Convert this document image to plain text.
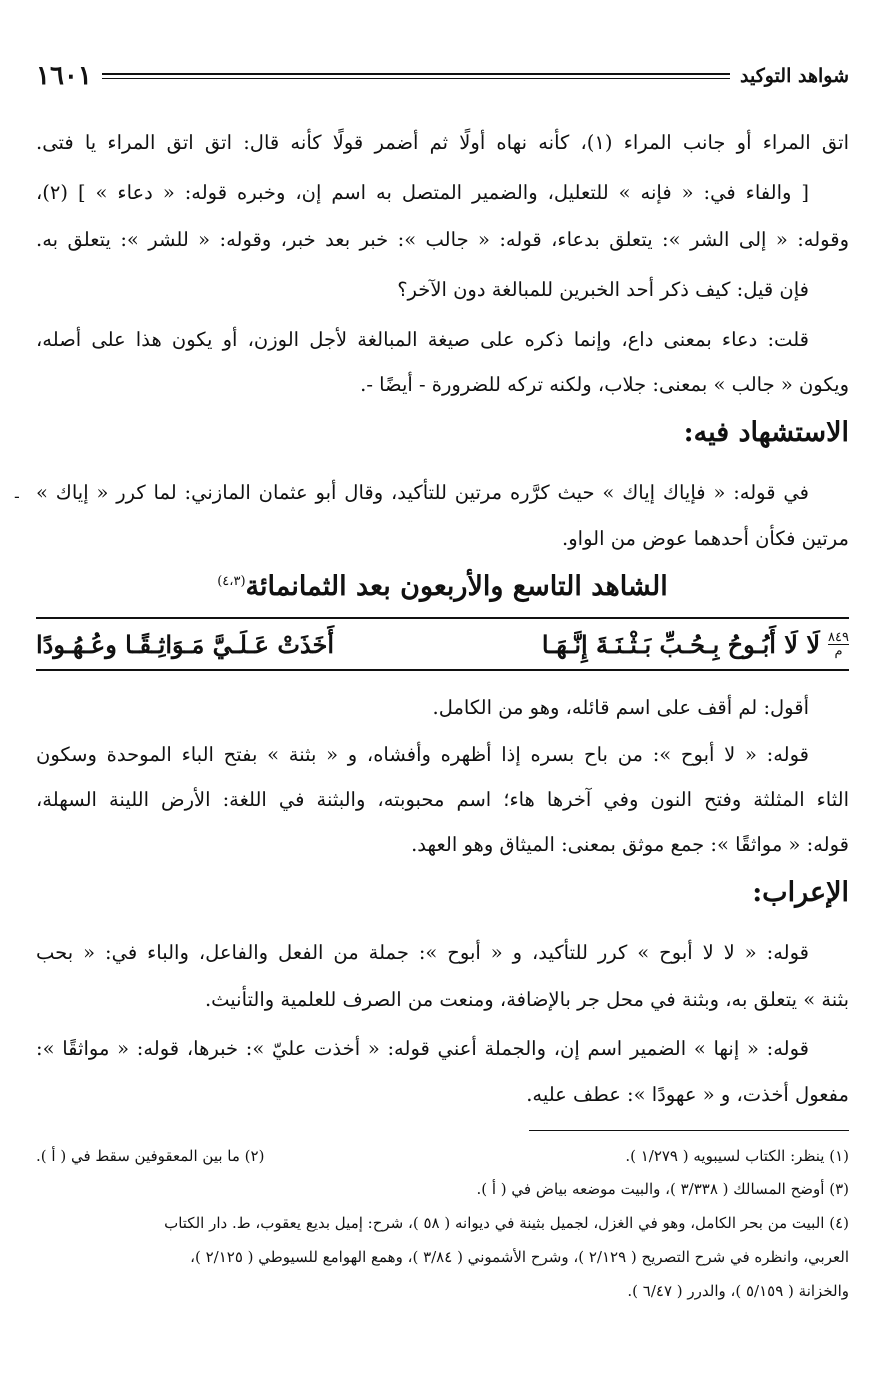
شواهد التوكيد
١٦٠١
اتق المراء أو جانب المراء (١)، كأنه نهاه أولًا ثم أضمر قولًا كأنه قال: اتق اتق المراء يا فتى.
[ والفاء في: « فإنه » للتعليل، والضمير المتصل به اسم إن، وخبره قوله: « دعاء » ] (٢)،
وقوله: « إلى الشر »: يتعلق بدعاء، قوله: « جالب »: خبر بعد خبر، وقوله: « للشر »: يتعلق به.
فإن قيل: كيف ذكر أحد الخبرين للمبالغة دون الآخر؟
قلت: دعاء بمعنى داع، وإنما ذكره على صيغة المبالغة لأجل الوزن، أو يكون هذا على أصله،
ويكون « جالب » بمعنى: جلاب، ولكنه تركه للضرورة - أيضًا -.
الاستشهاد فيه:
في قوله: « فإياك إياك » حيث كرَّره مرتين للتأكيد، وقال أبو عثمان المازني: لما كرر « إياك »
مرتين فكأن أحدهما عوض من الواو.
-
الشاهد التاسع والأربعون بعد الثمانمائة$^{(٤،٣)}$
٨٤٩
م
لَا لَا أَبُـوحُ بِـحُـبِّ بَـثْـنَـةَ إِنَّـهَـا
أَخَذَتْ عَـلَـيَّ مَـوَاثِـقًـا وعُـهُـودًا
أقول: لم أقف على اسم قائله، وهو من الكامل.
قوله: « لا أبوح »: من باح بسره إذا أظهره وأفشاه، و « بثنة » بفتح الباء الموحدة وسكون
الثاء المثلثة وفتح النون وفي آخرها هاء؛ اسم محبوبته، والبثنة في اللغة: الأرض اللينة السهلة،
قوله: « مواثقًا »: جمع موثق بمعنى: الميثاق وهو العهد.
الإعراب:
قوله: « لا لا أبوح » كرر للتأكيد، و « أبوح »: جملة من الفعل والفاعل، والباء في: « بحب
بثنة » يتعلق به، وبثنة في محل جر بالإضافة، ومنعت من الصرف للعلمية والتأنيث.
قوله: « إنها » الضمير اسم إن، والجملة أعني قوله: « أخذت عليّ »: خبرها، قوله: « مواثقًا »:
مفعول أخذت، و « عهودًا »: عطف عليه.
(١) ينظر: الكتاب لسيبويه ( ١/٢٧٩ ).
(٢) ما بين المعقوفين سقط في ( أ ).
(٣) أوضح المسالك ( ٣/٣٣٨ )، والبيت موضعه بياض في ( أ ).
(٤) البيت من بحر الكامل، وهو في الغزل، لجميل بثينة في ديوانه ( ٥٨ )، شرح: إميل بديع يعقوب، ط. دار الكتاب
العربي، وانظره في شرح التصريح ( ٢/١٢٩ )، وشرح الأشموني ( ٣/٨٤ )، وهمع الهوامع للسيوطي ( ٢/١٢٥ )،
والخزانة ( ٥/١٥٩ )، والدرر ( ٦/٤٧ ).
